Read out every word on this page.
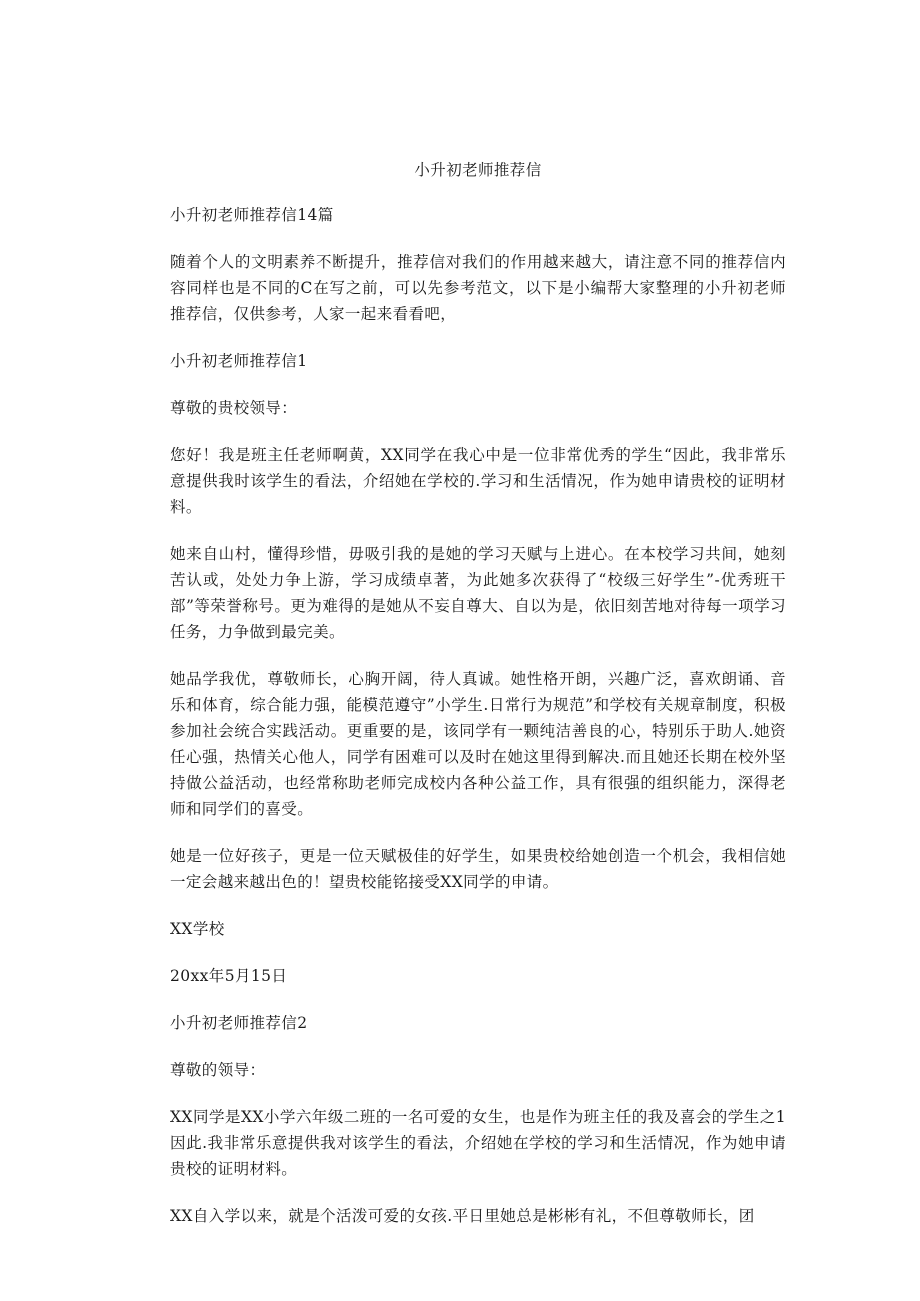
小升初老师推荐信
小升初老师推荐信14篇
随着个人的文明素养不断提升，推荐信对我们的作用越来越大，请注意不同的推荐信内容同样也是不同的C在写之前，可以先参考范文，以下是小编帮大家整理的小升初老师推荐信，仅供参考，人家一起来看看吧，
小升初老师推荐信1
尊敬的贵校领导：
您好！我是班主任老师啊黄，XX同学在我心中是一位非常优秀的学生“因此，我非常乐意提供我时该学生的看法，介绍她在学校的.学习和生活情况，作为她申请贵校的证明材料。
她来自山村，懂得珍惜，毋吸引我的是她的学习天赋与上进心。在本校学习共间，她刻苦认或，处处力争上游，学习成绩卓著，为此她多次获得了“校级三好学生”-优秀班干部”等荣誉称号。更为难得的是她从不妄自尊大、自以为是，依旧刻苦地对待每一项学习任务，力争做到最完美。
她品学我优，尊敬师长，心胸开阔，待人真诚。她性格开朗，兴趣广泛，喜欢朗诵、音乐和体育，综合能力强，能模范遵守”小学生.日常行为规范”和学校有关规章制度，积极参加社会统合实践活动。更重要的是，该同学有一颗纯洁善良的心，特别乐于助人.她资任心强，热情关心他人，同学有困难可以及时在她这里得到解决.而且她还长期在校外坚持做公益活动，也经常称助老师完成校内各种公益工作，具有很强的组织能力，深得老师和同学们的喜受。
她是一位好孩子，更是一位天赋极佳的好学生，如果贵校给她创造一个机会，我相信她一定会越来越出色的！望贵校能铭接受XX同学的申请。
XX学校
20xx年5月15日
小升初老师推荐信2
尊敬的领导：
XX同学是XX小学六年级二班的一名可爱的女生，也是作为班主任的我及喜会的学生之1因此.我非常乐意提供我对该学生的看法，介绍她在学校的学习和生活情况，作为她申请贵校的证明材料。
XX自入学以来，就是个活泼可爱的女孩.平日里她总是彬彬有礼，不但尊敬师长，团
